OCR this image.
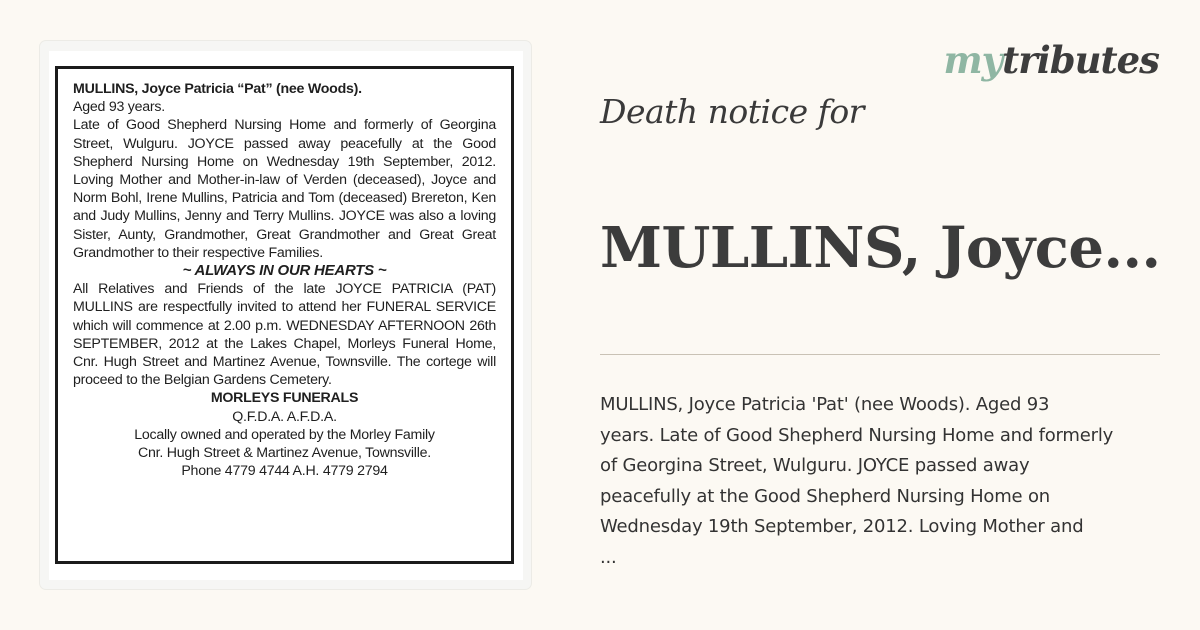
MULLINS, Joyce Patricia “Pat” (nee Woods).

Aged 93 years.

Late of Good Shepherd Nursing Home and formerly of Georgina Street, Wulguru. JOYCE passed away peacefully at the Good Shepherd Nursing Home on Wednesday 19th September, 2012. Loving Mother and Mother-in-law of Verden (deceased), Joyce and Norm Bohl, Irene Mullins, Patricia and Tom (deceased) Brereton, Ken and Judy Mullins, Jenny and Terry Mullins. JOYCE was also a loving Sister, Aunty, Grandmother, Great Grandmother and Great Great Grandmother to their respective Families.

~ ALWAYS IN OUR HEARTS ~

All Relatives and Friends of the late JOYCE PATRICIA (PAT) MULLINS are respectfully invited to attend her FUNERAL SERVICE which will commence at 2.00 p.m. WEDNESDAY AFTERNOON 26th SEPTEMBER, 2012 at the Lakes Chapel, Morleys Funeral Home, Cnr. Hugh Street and Martinez Avenue, Townsville. The cortege will proceed to the Belgian Gardens Cemetery.

MORLEYS FUNERALS

Q.F.D.A. A.F.D.A.

Locally owned and operated by the Morley Family

Cnr. Hugh Street & Martinez Avenue, Townsville.

Phone 4779 4744 A.H. 4779 2794

mytributes
Death notice for
MULLINS, Joyce...
MULLINS, Joyce Patricia 'Pat' (nee Woods). Aged 93
years. Late of Good Shepherd Nursing Home and formerly
of Georgina Street, Wulguru. JOYCE passed away
peacefully at the Good Shepherd Nursing Home on
Wednesday 19th September, 2012. Loving Mother and
...
